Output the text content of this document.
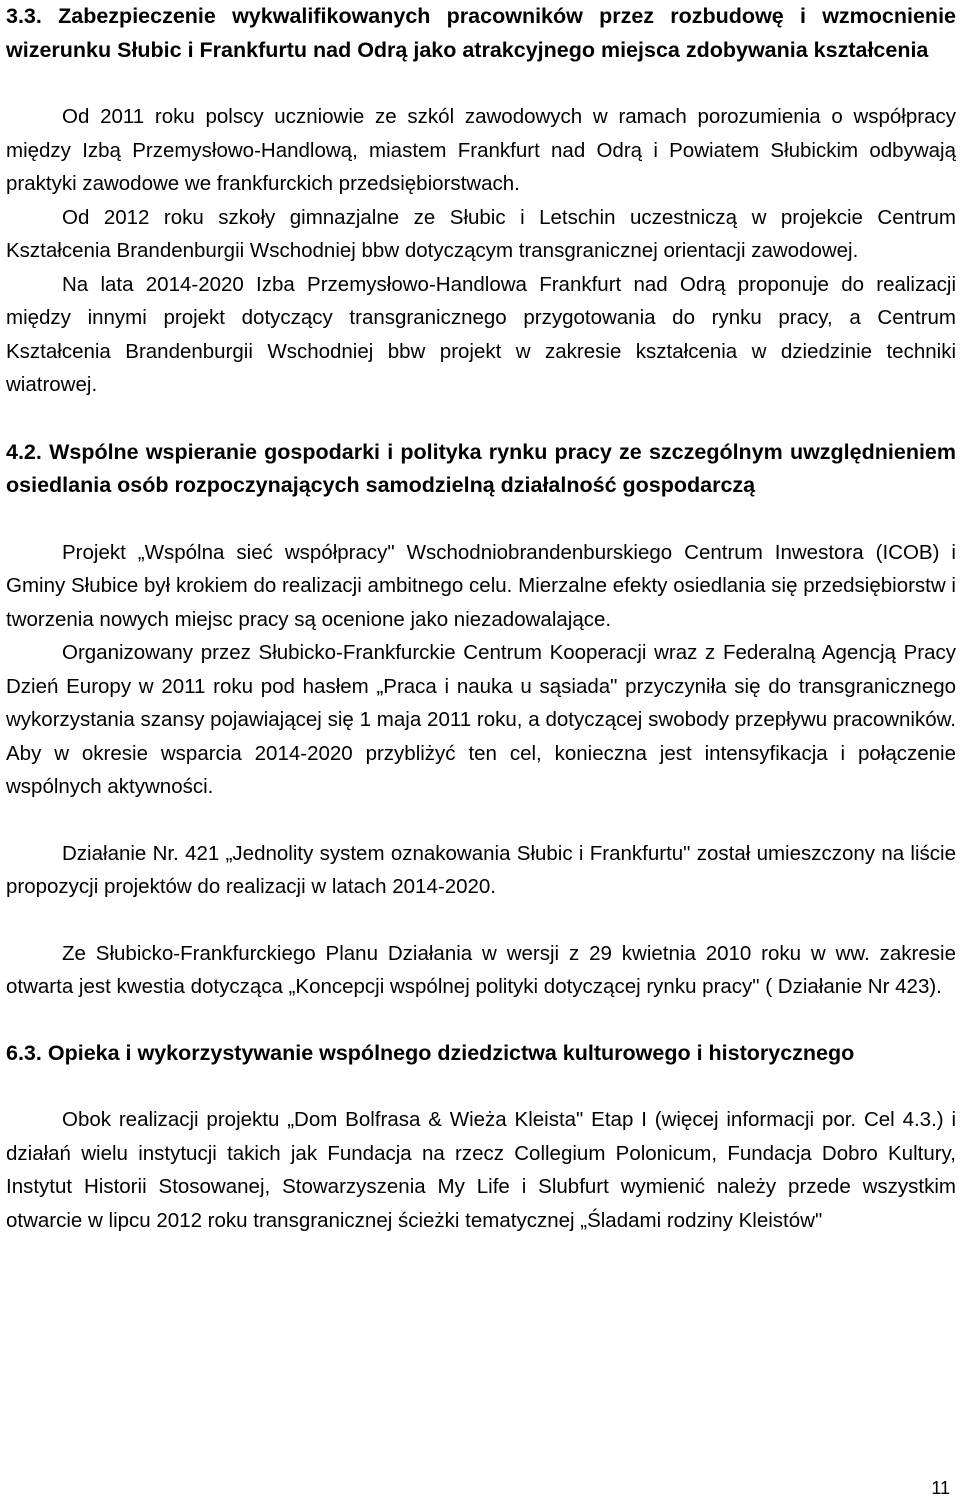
3.3. Zabezpieczenie wykwalifikowanych pracowników przez rozbudowę i wzmocnienie wizerunku Słubic i Frankfurtu nad Odrą jako atrakcyjnego miejsca zdobywania kształcenia

Od 2011 roku polscy uczniowie ze szkól zawodowych w ramach porozumienia o współpracy między Izbą Przemysłowo-Handlową, miastem Frankfurt nad Odrą i Powiatem Słubickim odbywają praktyki zawodowe we frankfurckich przedsiębiorstwach.

Od 2012 roku szkoły gimnazjalne ze Słubic i Letschin uczestniczą w projekcie Centrum Kształcenia Brandenburgii Wschodniej bbw dotyczącym transgranicznej orientacji zawodowej.

Na lata 2014-2020 Izba Przemysłowo-Handlowa Frankfurt nad Odrą proponuje do realizacji między innymi projekt dotyczący transgranicznego przygotowania do rynku pracy, a Centrum Kształcenia Brandenburgii Wschodniej bbw projekt w zakresie kształcenia w dziedzinie techniki wiatrowej.

4.2. Wspólne wspieranie gospodarki i polityka rynku pracy ze szczególnym uwzględnieniem osiedlania osób rozpoczynających samodzielną działalność gospodarczą

Projekt „Wspólna sieć współpracy" Wschodniobrandenburskiego Centrum Inwestora (ICOB) i Gminy Słubice był krokiem do realizacji ambitnego celu. Mierzalne efekty osiedlania się przedsiębiorstw i tworzenia nowych miejsc pracy są ocenione jako niezadowalające.

Organizowany przez Słubicko-Frankfurckie Centrum Kooperacji wraz z Federalną Agencją Pracy Dzień Europy w 2011 roku pod hasłem „Praca i nauka u sąsiada" przyczyniła się do transgranicznego wykorzystania szansy pojawiającej się 1 maja 2011 roku, a dotyczącej swobody przepływu pracowników. Aby w okresie wsparcia 2014-2020 przybliżyć ten cel, konieczna jest intensyfikacja i połączenie wspólnych aktywności.

Działanie Nr. 421 „Jednolity system oznakowania Słubic i Frankfurtu" został umieszczony na liście propozycji projektów do realizacji w latach 2014-2020.

Ze Słubicko-Frankfurckiego Planu Działania w wersji z 29 kwietnia 2010 roku w ww. zakresie otwarta jest kwestia dotycząca „Koncepcji wspólnej polityki dotyczącej rynku pracy" ( Działanie Nr 423).

6.3. Opieka i wykorzystywanie wspólnego dziedzictwa kulturowego i historycznego

Obok realizacji projektu „Dom Bolfrasa & Wieża Kleista" Etap I (więcej informacji por. Cel 4.3.) i działań wielu instytucji takich jak Fundacja na rzecz Collegium Polonicum, Fundacja Dobro Kultury, Instytut Historii Stosowanej, Stowarzyszenia My Life i Slubfurt wymienić należy przede wszystkim otwarcie w lipcu 2012 roku transgranicznej ścieżki tematycznej „Śladami rodziny Kleistów"

11
